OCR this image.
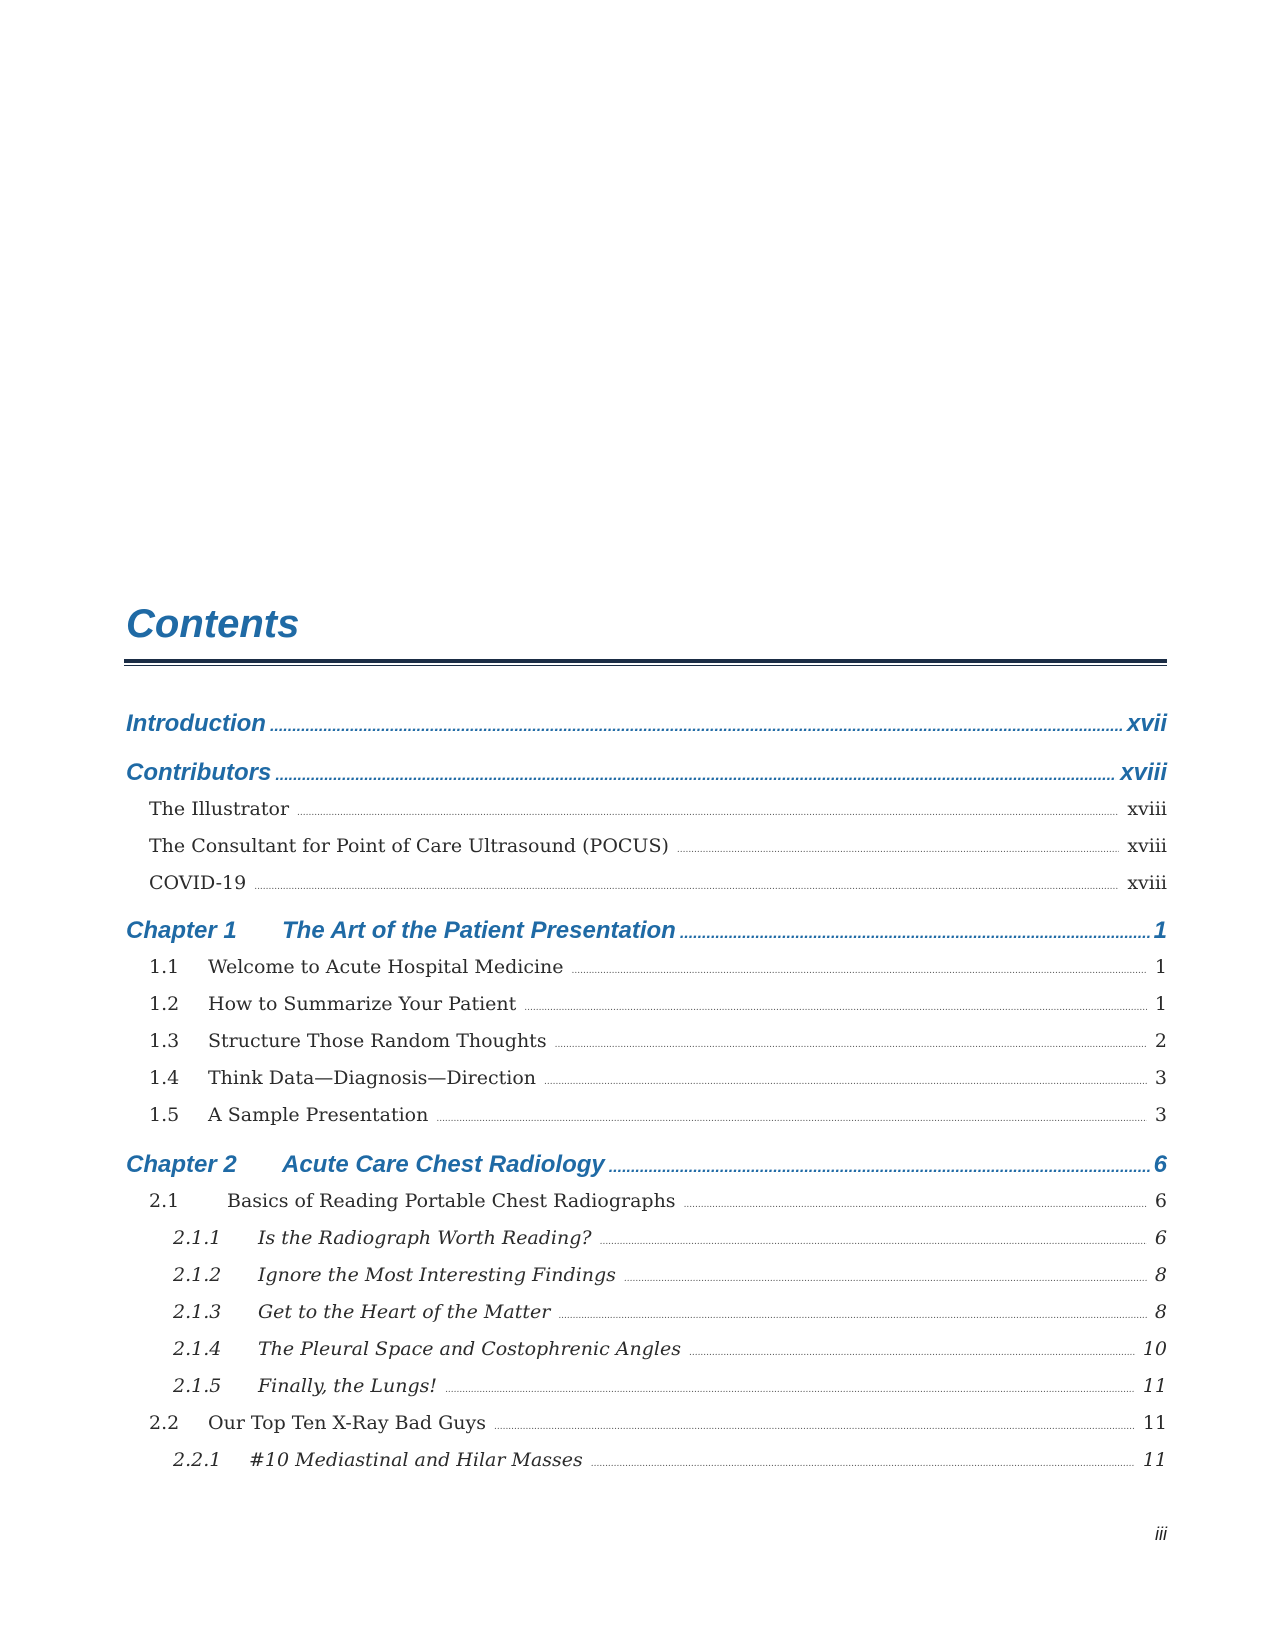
Contents
Introduction .....	xvii
Contributors .....	xviii
The Illustrator .....	xviii
The Consultant for Point of Care Ultrasound (POCUS) .....	xviii
COVID-19 .....	xviii
Chapter 1	The Art of the Patient Presentation .....	1
1.1	Welcome to Acute Hospital Medicine .....	1
1.2	How to Summarize Your Patient .....	1
1.3	Structure Those Random Thoughts .....	2
1.4	Think Data—Diagnosis—Direction .....	3
1.5	A Sample Presentation .....	3
Chapter 2	Acute Care Chest Radiology .....	6
2.1	Basics of Reading Portable Chest Radiographs .....	6
2.1.1	Is the Radiograph Worth Reading? .....	6
2.1.2	Ignore the Most Interesting Findings .....	8
2.1.3	Get to the Heart of the Matter .....	8
2.1.4	The Pleural Space and Costophrenic Angles .....	10
2.1.5	Finally, the Lungs! .....	11
2.2	Our Top Ten X-Ray Bad Guys .....	11
2.2.1	#10 Mediastinal and Hilar Masses .....	11
iii
